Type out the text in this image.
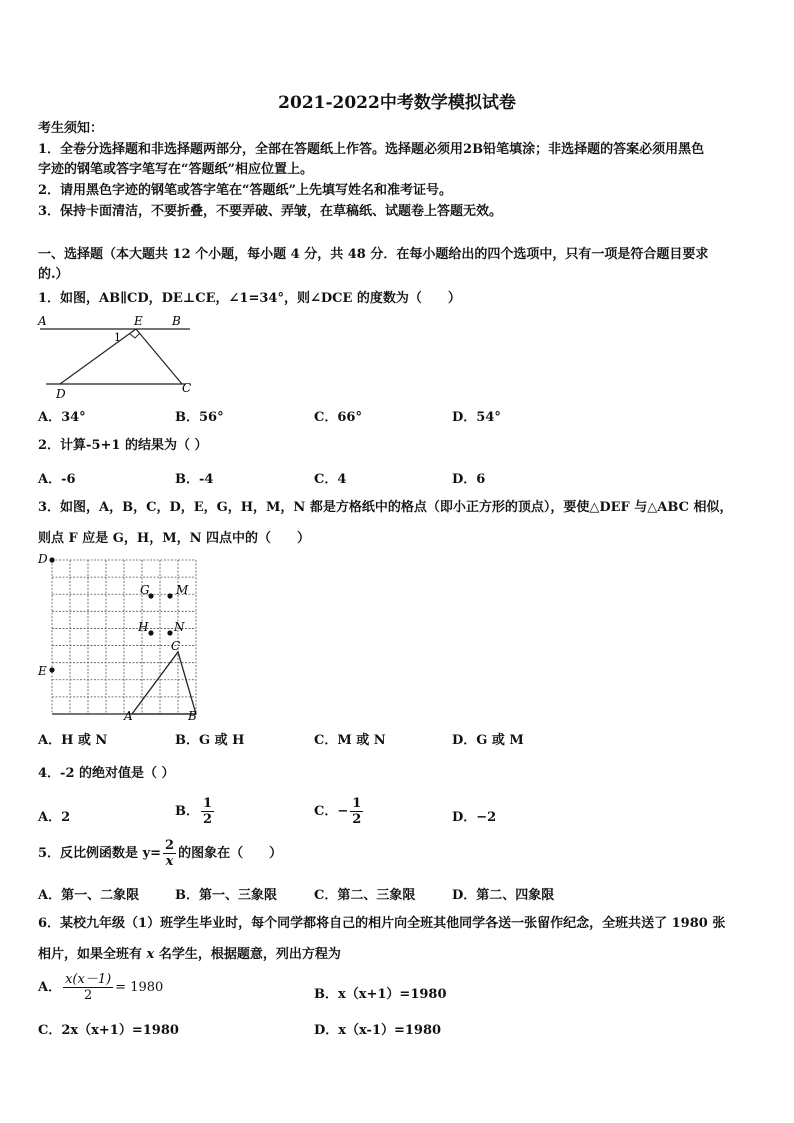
2021-2022中考数学模拟试卷
考生须知：
1．全卷分选择题和非选择题两部分，全部在答题纸上作答。选择题必须用2B铅笔填涂；非选择题的答案必须用黑色
字迹的钢笔或答字笔写在“答题纸”相应位置上。
2．请用黑色字迹的钢笔或答字笔在“答题纸”上先填写姓名和准考证号。
3．保持卡面清洁，不要折叠，不要弄破、弄皱，在草稿纸、试题卷上答题无效。
一、选择题（本大题共 12 个小题，每小题 4 分，共 48 分．在每小题给出的四个选项中，只有一项是符合题目要求
的.）
1．如图，AB∥CD，DE⊥CE，∠1=34°，则∠DCE 的度数为（　　）
A	E B
1
D	C
A．34°	B．56°	C．66°	D．54°
2．计算-5+1 的结果为（ ）
A．-6	B．-4	C．4	D．6
3．如图，A，B，C，D，E，G，H，M，N 都是方格纸中的格点（即小正方形的顶点），要使△DEF 与△ABC 相似，
则点 F 应是 G，H，M，N 四点中的（　　）
D
E
G M
H N
C
A	B
A．H 或 N	B．G 或 H	C．M 或 N	D．G 或 M
4．-2 的绝对值是（ ）
A．2	B． $\frac{1}{2}$	C．− $\frac{1}{2}$	D．−2
5．反比例函数是 $y= \frac{2}{x}$ 的图象在（　　）
A．第一、二象限	B．第一、三象限	C．第二、三象限	D．第二、四象限
6．某校九年级（1）班学生毕业时，每个同学都将自己的相片向全班其他同学各送一张留作纪念，全班共送了 1980 张
相片，如果全班有 x 名学生，根据题意，列出方程为
A． $\frac{x(x-1)}{2} = 1980$	B．x（x+1）=1980
C．2x（x+1）=1980	D．x（x-1）=1980
